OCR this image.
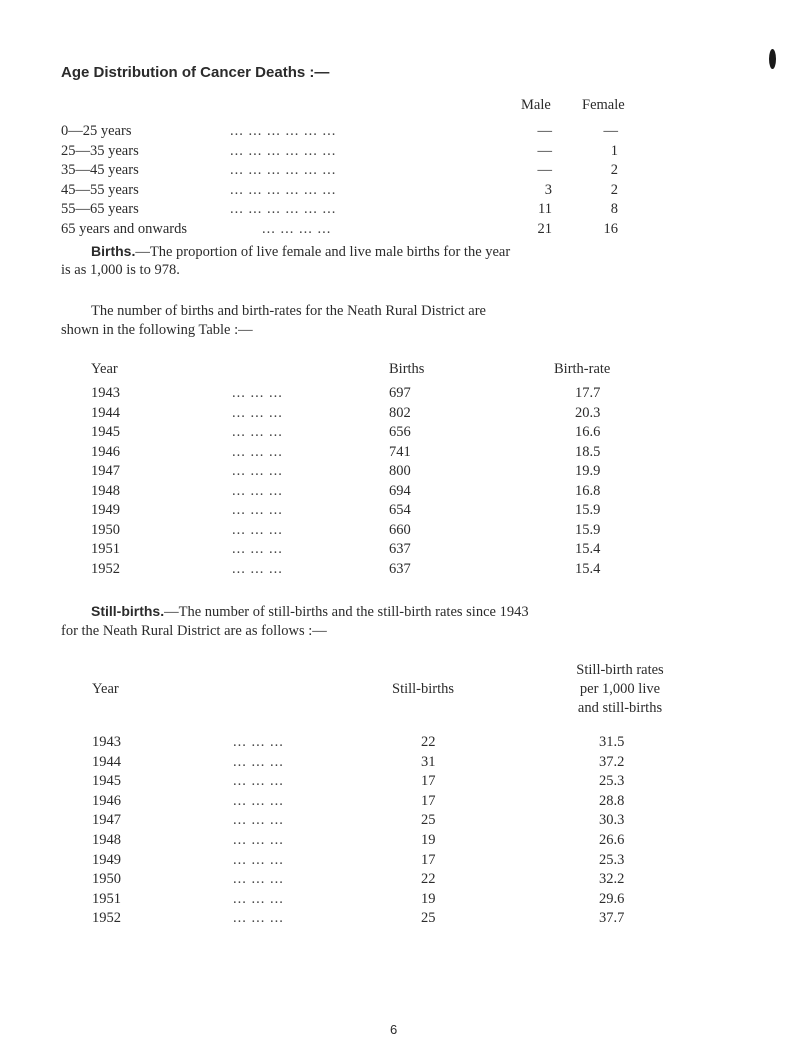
Age Distribution of Cancer Deaths :—
Male Female
0—25 years	... ... ... ... ... ...	—	—
25—35 years	... ... ... ... ... ...	—	1
35—45 years	... ... ... ... ... ...	—	2
45—55 years	... ... ... ... ... ...	3	2
55—65 years	... ... ... ... ... ...	11	8
65 years and onwards	... ... ... ...	21	16
Births.—The proportion of live female and live male births for the year
is as 1,000 is to 978.
The number of births and birth-rates for the Neath Rural District are
shown in the following Table :—
Year	Births	Birth-rate
1943	... ... ...	697	17.7
1944	... ... ...	802	20.3
1945	... ... ...	656	16.6
1946	... ... ...	741	18.5
1947	... ... ...	800	19.9
1948	... ... ...	694	16.8
1949	... ... ...	654	15.9
1950	... ... ...	660	15.9
1951	... ... ...	637	15.4
1952	... ... ...	637	15.4
Still-births.—The number of still-births and the still-birth rates since 1943
for the Neath Rural District are as follows :—
Still-birth rates
Year	Still-births	per 1,000 live
and still-births
1943	... ... ...	22	31.5
1944	... ... ...	31	37.2
1945	... ... ...	17	25.3
1946	... ... ...	17	28.8
1947	... ... ...	25	30.3
1948	... ... ...	19	26.6
1949	... ... ...	17	25.3
1950	... ... ...	22	32.2
1951	... ... ...	19	29.6
1952	... ... ...	25	37.7
6
